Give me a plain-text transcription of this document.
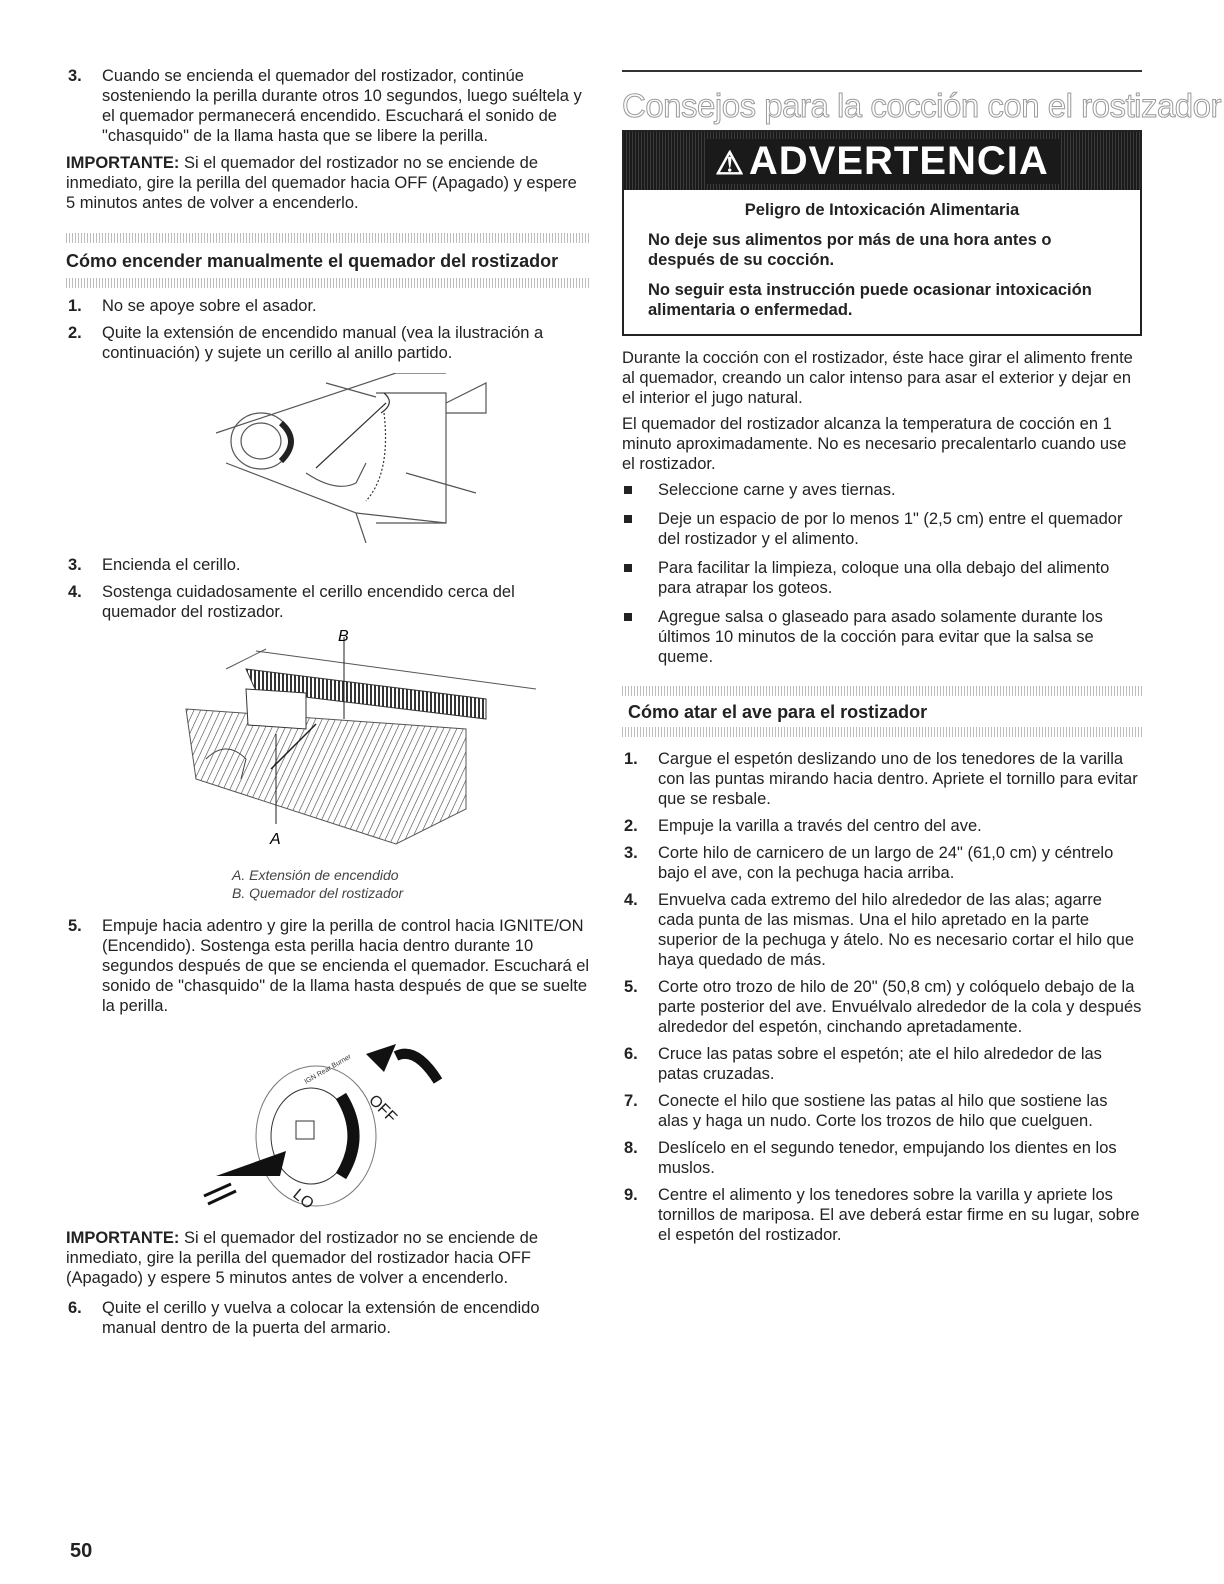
3. Cuando se encienda el quemador del rostizador, continúe sosteniendo la perilla durante otros 10 segundos, luego suéltela y el quemador permanecerá encendido. Escuchará el sonido de "chasquido" de la llama hasta que se libere la perilla.

IMPORTANTE: Si el quemador del rostizador no se enciende de inmediato, gire la perilla del quemador hacia OFF (Apagado) y espere 5 minutos antes de volver a encenderlo.

Cómo encender manualmente el quemador del rostizador
1. No se apoye sobre el asador.
2. Quite la extensión de encendido manual (vea la ilustración a continuación) y sujete un cerillo al anillo partido.
3. Encienda el cerillo.
4. Sostenga cuidadosamente el cerillo encendido cerca del quemador del rostizador.
B
A
A. Extensión de encendido
B. Quemador del rostizador
5. Empuje hacia adentro y gire la perilla de control hacia IGNITE/ON (Encendido). Sostenga esta perilla hacia dentro durante 10 segundos después de que se encienda el quemador. Escuchará el sonido de "chasquido" de la llama hasta después de que se suelte la perilla.
IGN Rear Burner
OFF
LO

IMPORTANTE: Si el quemador del rostizador no se enciende de inmediato, gire la perilla del quemador del rostizador hacia OFF (Apagado) y espere 5 minutos antes de volver a encenderlo.

6. Quite el cerillo y vuelva a colocar la extensión de encendido manual dentro de la puerta del armario.
Consejos para la cocción con el rostizador
⚠ ADVERTENCIA

Peligro de Intoxicación Alimentaria

No deje sus alimentos por más de una hora antes o después de su cocción.

No seguir esta instrucción puede ocasionar intoxicación alimentaria o enfermedad.

Durante la cocción con el rostizador, éste hace girar el alimento frente al quemador, creando un calor intenso para asar el exterior y dejar en el interior el jugo natural.

El quemador del rostizador alcanza la temperatura de cocción en 1 minuto aproximadamente. No es necesario precalentarlo cuando use el rostizador.

Seleccione carne y aves tiernas.
Deje un espacio de por lo menos 1" (2,5 cm) entre el quemador del rostizador y el alimento.
Para facilitar la limpieza, coloque una olla debajo del alimento para atrapar los goteos.
Agregue salsa o glaseado para asado solamente durante los últimos 10 minutos de la cocción para evitar que la salsa se queme.
Cómo atar el ave para el rostizador
1. Cargue el espetón deslizando uno de los tenedores de la varilla con las puntas mirando hacia dentro. Apriete el tornillo para evitar que se resbale.
2. Empuje la varilla a través del centro del ave.
3. Corte hilo de carnicero de un largo de 24" (61,0 cm) y céntrelo bajo el ave, con la pechuga hacia arriba.
4. Envuelva cada extremo del hilo alrededor de las alas; agarre cada punta de las mismas. Una el hilo apretado en la parte superior de la pechuga y átelo. No es necesario cortar el hilo que haya quedado de más.
5. Corte otro trozo de hilo de 20" (50,8 cm) y colóquelo debajo de la parte posterior del ave. Envuélvalo alrededor de la cola y después alrededor del espetón, cinchando apretadamente.
6. Cruce las patas sobre el espetón; ate el hilo alrededor de las patas cruzadas.
7. Conecte el hilo que sostiene las patas al hilo que sostiene las alas y haga un nudo. Corte los trozos de hilo que cuelguen.
8. Deslícelo en el segundo tenedor, empujando los dientes en los muslos.
9. Centre el alimento y los tenedores sobre la varilla y apriete los tornillos de mariposa. El ave deberá estar firme en su lugar, sobre el espetón del rostizador.
50
